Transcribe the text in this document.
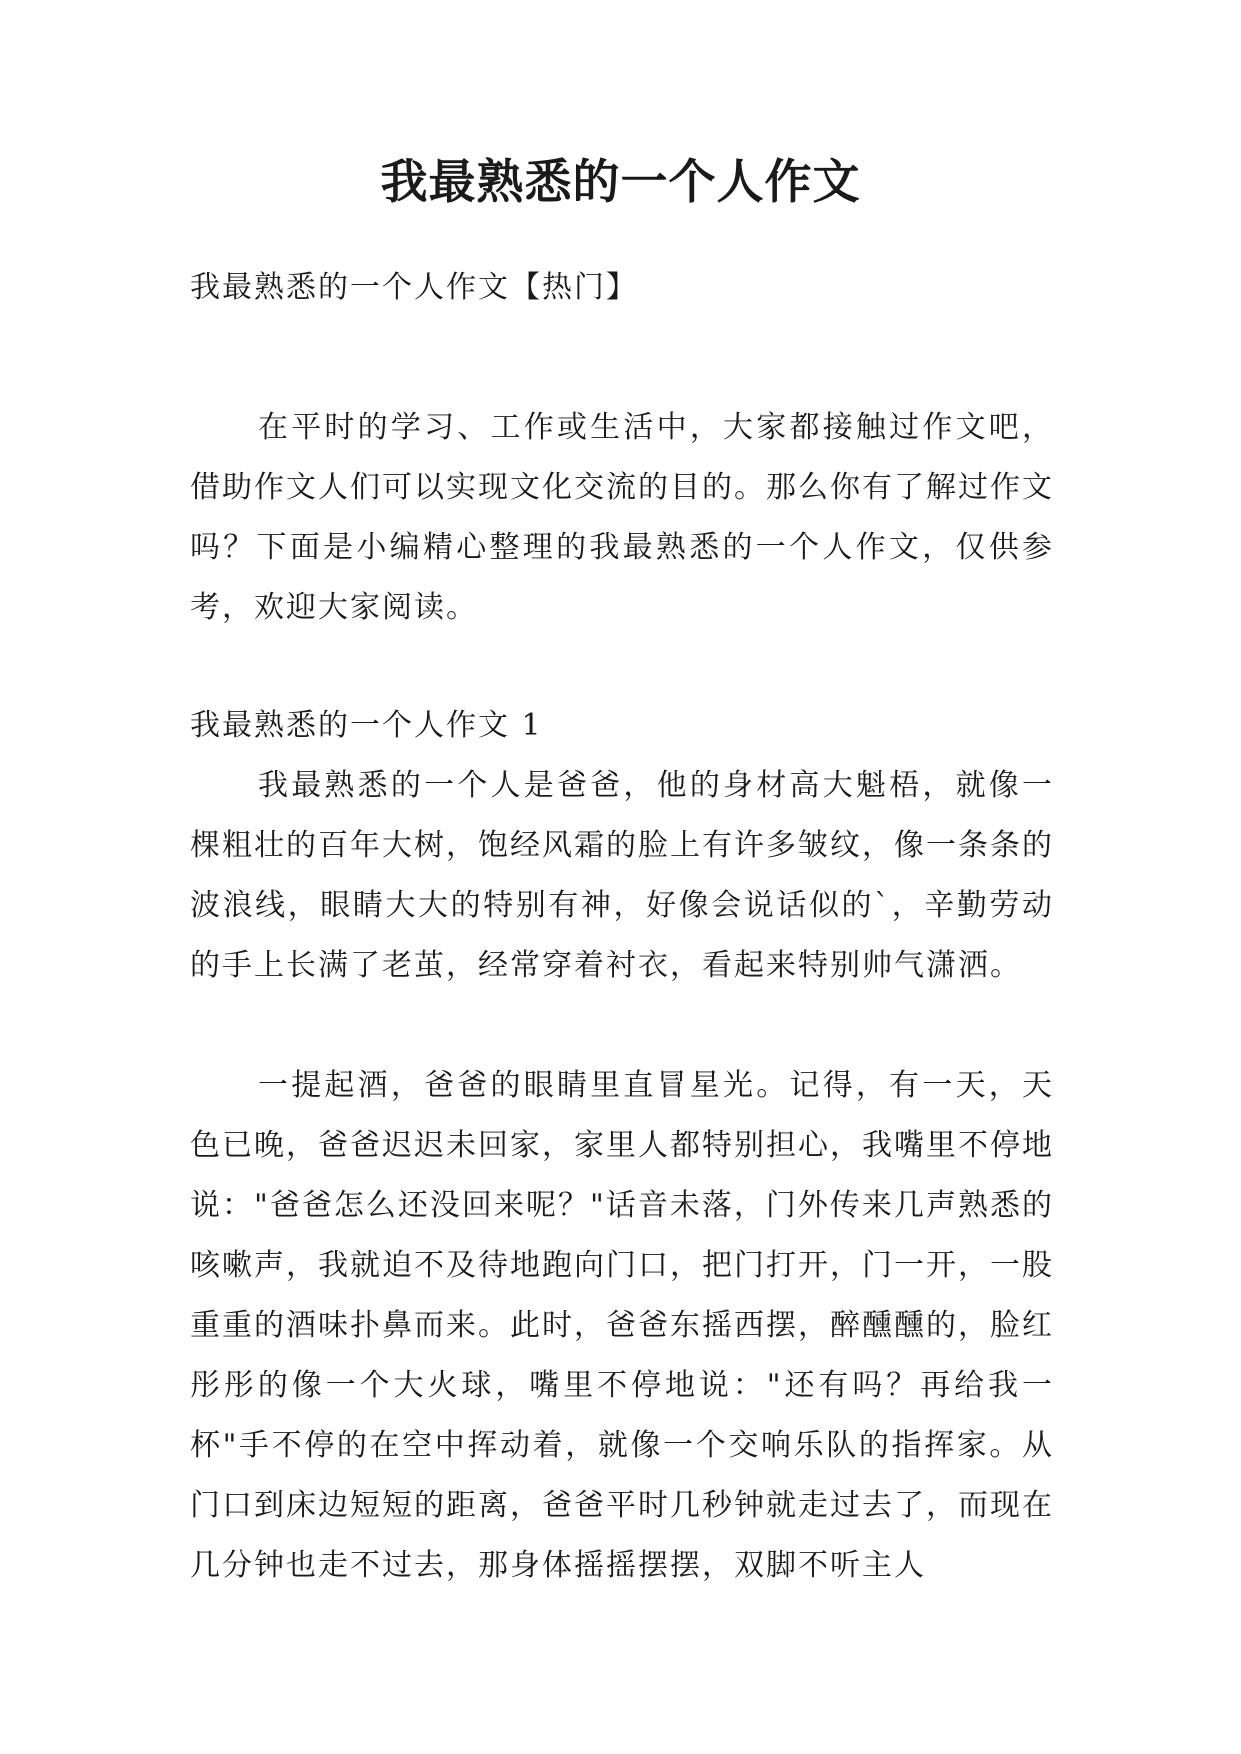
我最熟悉的一个人作文

我最熟悉的一个人作文【热门】

在平时的学习、工作或生活中，大家都接触过作文吧，借助作文人们可以实现文化交流的目的。那么你有了解过作文吗？下面是小编精心整理的我最熟悉的一个人作文，仅供参考，欢迎大家阅读。

我最熟悉的一个人作文 1

我最熟悉的一个人是爸爸，他的身材高大魁梧，就像一棵粗壮的百年大树，饱经风霜的脸上有许多皱纹，像一条条的波浪线，眼睛大大的特别有神，好像会说话似的`，辛勤劳动的手上长满了老茧，经常穿着衬衣，看起来特别帅气潇洒。

一提起酒，爸爸的眼睛里直冒星光。记得，有一天，天色已晚，爸爸迟迟未回家，家里人都特别担心，我嘴里不停地说："爸爸怎么还没回来呢？"话音未落，门外传来几声熟悉的咳嗽声，我就迫不及待地跑向门口，把门打开，门一开，一股重重的酒味扑鼻而来。此时，爸爸东摇西摆，醉醺醺的，脸红彤彤的像一个大火球，嘴里不停地说："还有吗？再给我一杯"手不停的在空中挥动着，就像一个交响乐队的指挥家。从门口到床边短短的距离，爸爸平时几秒钟就走过去了，而现在几分钟也走不过去，那身体摇摇摆摆，双脚不听主人
